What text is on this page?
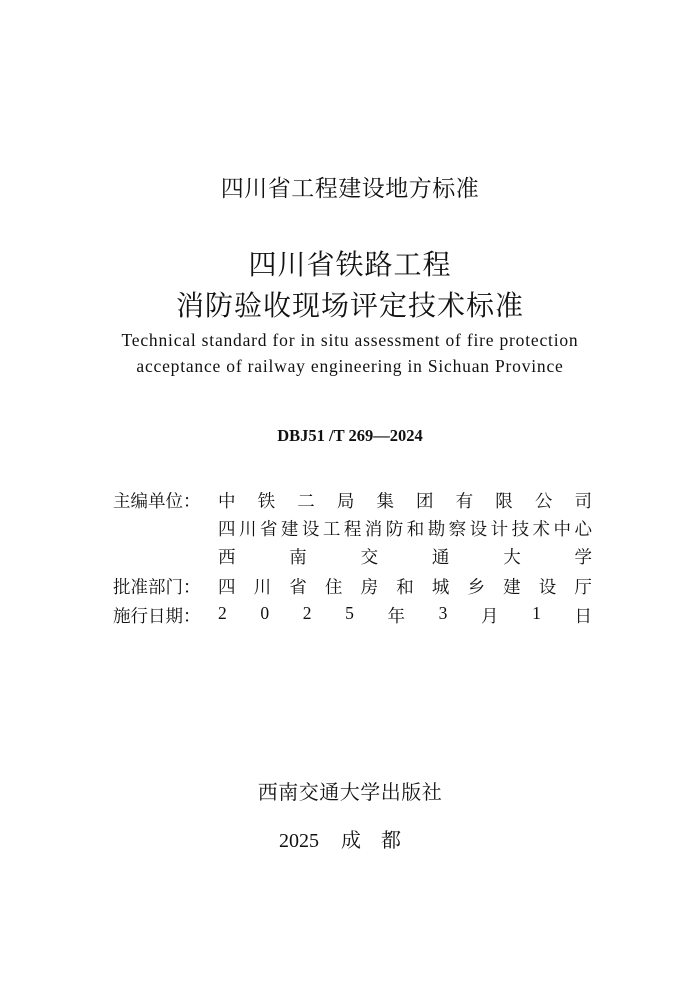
四川省工程建设地方标准
四川省铁路工程
消防验收现场评定技术标准
Technical standard for in situ assessment of fire protection
acceptance of railway engineering in Sichuan Province
DBJ51 /T 269—2024
主编单位： 中 铁 二 局 集 团 有 限 公 司
四 川 省 建 设 工 程 消 防 和 勘 察 设 计 技 术 中 心
西	南	交	通	大	学
批准部门： 四 川 省 住 房 和 城 乡 建 设 厅
施行日期： 2 0 2 5 年 3 月 1 日
西南交通大学出版社
2025 成都
